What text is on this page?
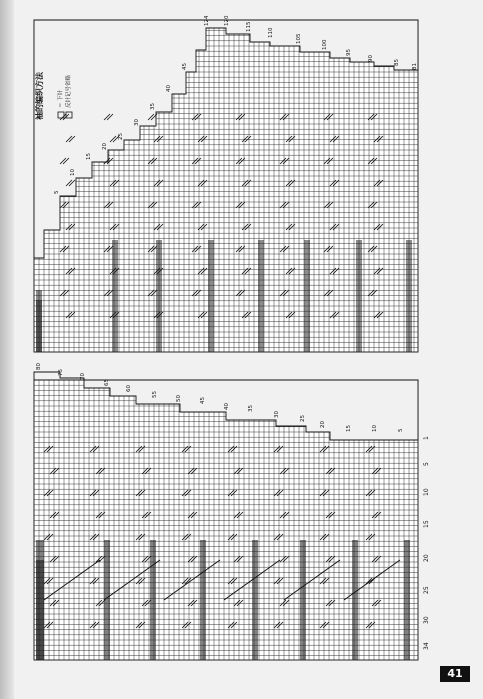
1
5
10
15
20
25
30
34
5
10
15
20
25
30
35
40
45
50
55
60
65
70
75
80
81
85
90
95
100
105
110
115
120
124
45
40
35
30
25
20
15
10
5
袖的编织方法	＝ 下针 反针记号省略
41
